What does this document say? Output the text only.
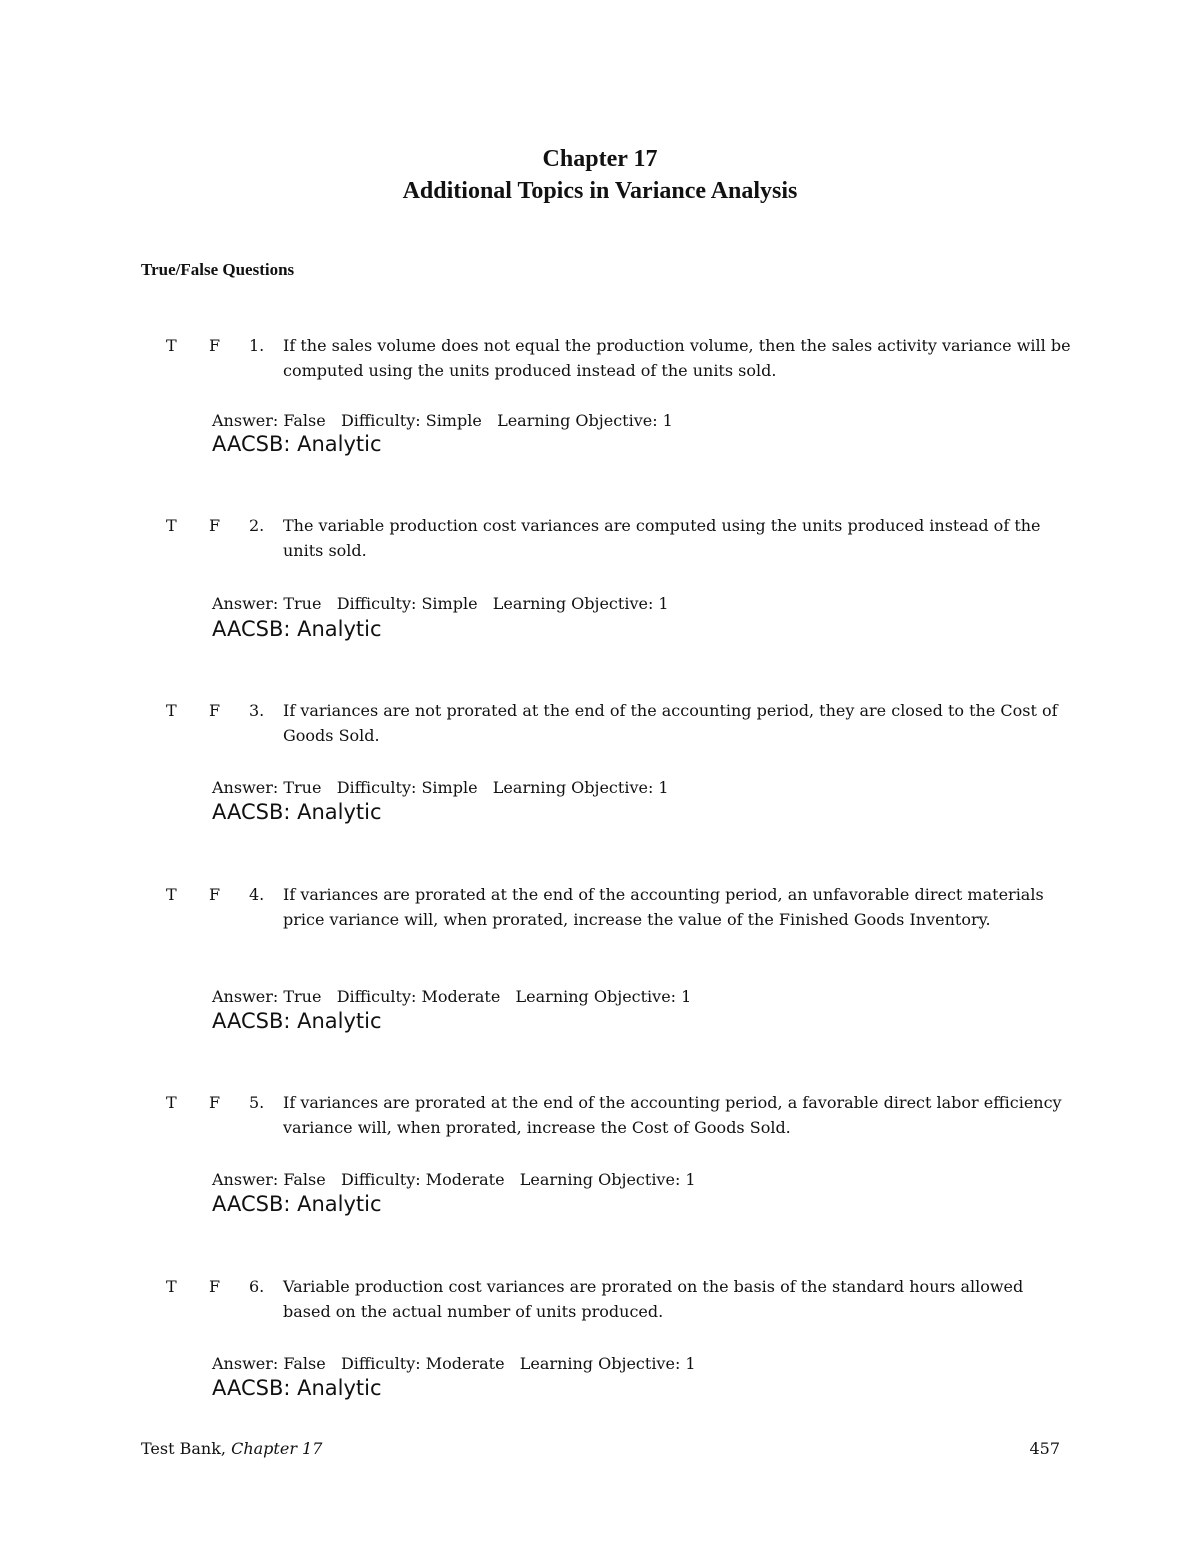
Chapter 17
Additional Topics in Variance Analysis
True/False Questions
T F 1. If the sales volume does not equal the production volume, then the sales activity variance will be computed using the units produced instead of the units sold.
Answer: False   Difficulty: Simple   Learning Objective: 1
AACSB: Analytic
T F 2. The variable production cost variances are computed using the units produced instead of the units sold.
Answer: True   Difficulty: Simple   Learning Objective: 1
AACSB: Analytic
T F 3. If variances are not prorated at the end of the accounting period, they are closed to the Cost of Goods Sold.
Answer: True   Difficulty: Simple   Learning Objective: 1
AACSB: Analytic
T F 4. If variances are prorated at the end of the accounting period, an unfavorable direct materials price variance will, when prorated, increase the value of the Finished Goods Inventory.
Answer: True   Difficulty: Moderate   Learning Objective: 1
AACSB: Analytic
T F 5. If variances are prorated at the end of the accounting period, a favorable direct labor efficiency variance will, when prorated, increase the Cost of Goods Sold.
Answer: False   Difficulty: Moderate   Learning Objective: 1
AACSB: Analytic
T F 6. Variable production cost variances are prorated on the basis of the standard hours allowed based on the actual number of units produced.
Answer: False   Difficulty: Moderate   Learning Objective: 1
AACSB: Analytic
Test Bank, Chapter 17	457
